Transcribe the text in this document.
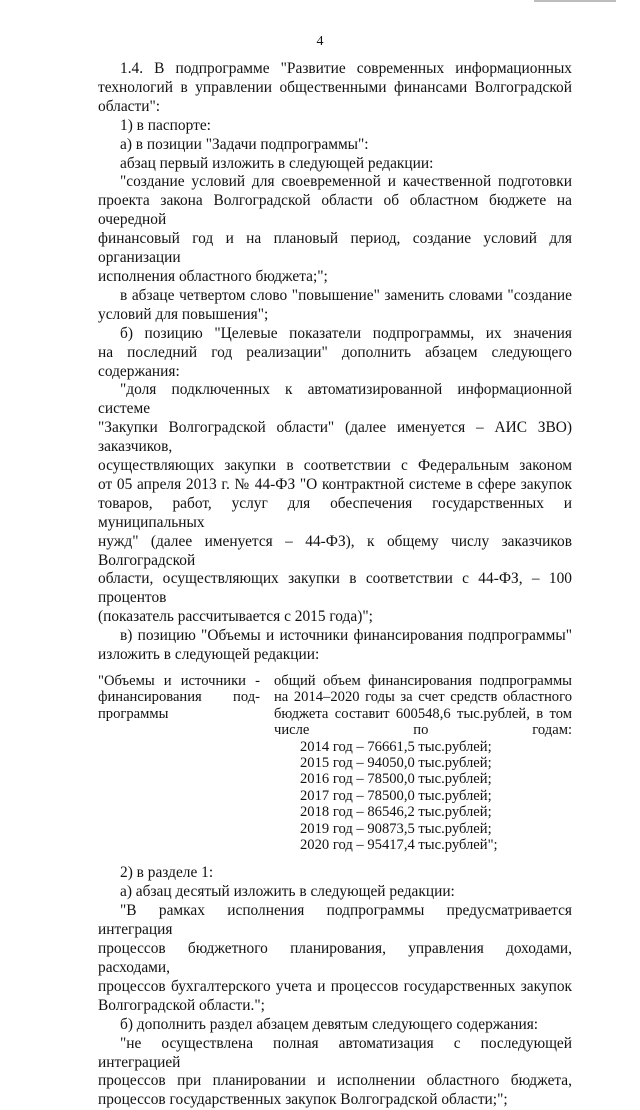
4

1.4. В подпрограмме "Развитие современных информационных

технологий в управлении общественными финансами Волгоградской

области":

1) в паспорте:

а) в позиции "Задачи подпрограммы":

абзац первый изложить в следующей редакции:

"создание условий для своевременной и качественной подготовки

проекта закона Волгоградской области об областном бюджете на очередной

финансовый год и на плановый период, создание условий для организации

исполнения областного бюджета;";

в абзаце четвертом слово "повышение" заменить словами "создание

условий для повышения";

б) позицию "Целевые показатели подпрограммы, их значения

на последний год реализации" дополнить абзацем следующего содержания:

"доля подключенных к автоматизированной информационной системе

"Закупки Волгоградской области" (далее именуется – АИС ЗВО) заказчиков,

осуществляющих закупки в соответствии с Федеральным законом

от 05 апреля 2013 г. № 44-ФЗ "О контрактной системе в сфере закупок

товаров, работ, услуг для обеспечения государственных и муниципальных

нужд" (далее именуется – 44-ФЗ), к общему числу заказчиков Волгоградской

области, осуществляющих закупки в соответствии с 44-ФЗ, – 100 процентов

(показатель рассчитывается с 2015 года)";

в) позицию "Объемы и источники финансирования подпрограммы"

изложить в следующей редакции:

"Объемы и источники -

финансирования под-

программы

общий объем финансирования подпрограммы

на 2014–2020 годы за счет средств областного

бюджета составит 600548,6 тыс.рублей, в том

числе по годам:

2014 год – 76661,5 тыс.рублей;

2015 год – 94050,0 тыс.рублей;

2016 год – 78500,0 тыс.рублей;

2017 год – 78500,0 тыс.рублей;

2018 год – 86546,2 тыс.рублей;

2019 год – 90873,5 тыс.рублей;

2020 год – 95417,4 тыс.рублей";

2) в разделе 1:

а) абзац десятый изложить в следующей редакции:

"В рамках исполнения подпрограммы предусматривается интеграция

процессов бюджетного планирования, управления доходами, расходами,

процессов бухгалтерского учета и процессов государственных закупок

Волгоградской области.";

б) дополнить раздел абзацем девятым следующего содержания:

"не осуществлена полная автоматизация с последующей интеграцией

процессов при планировании и исполнении областного бюджета,

процессов государственных закупок Волгоградской области;";
